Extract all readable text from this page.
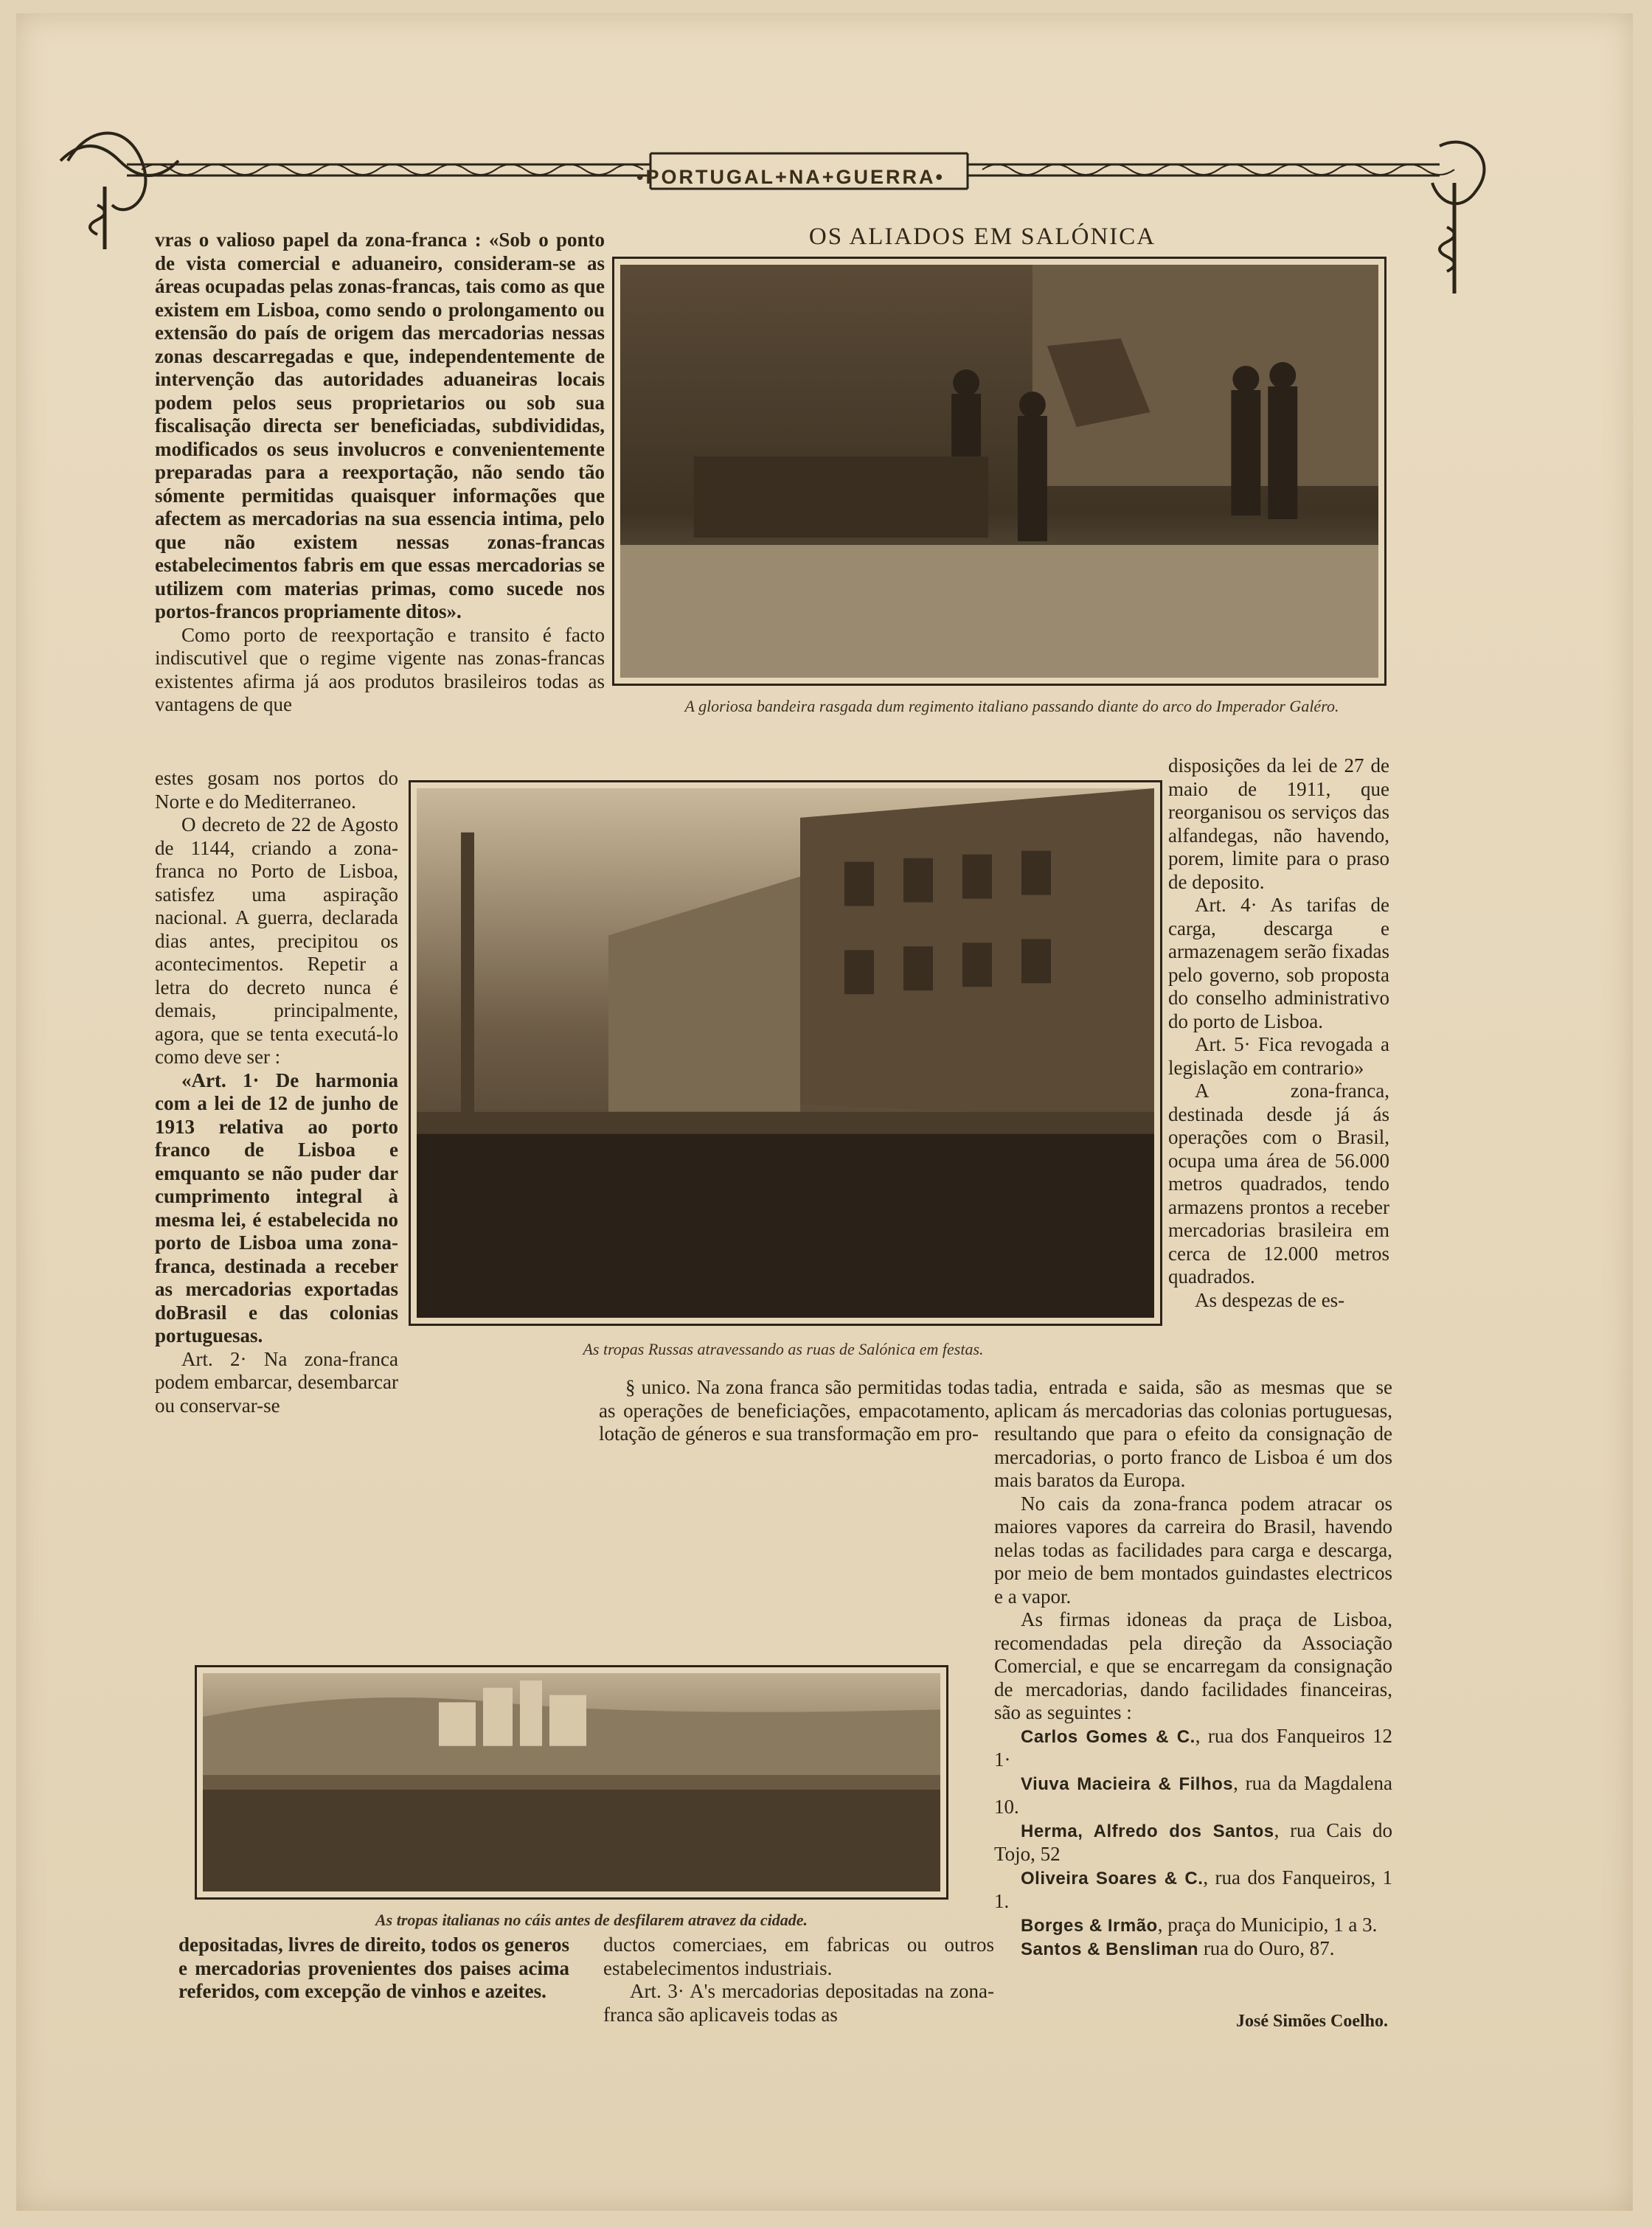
•PORTUGAL+NA+GUERRA•
OS ALIADOS EM SALÓNICA

vras o valioso papel da zona-franca : «Sob o ponto de vista comercial e aduaneiro, consideram-se as áreas ocupadas pelas zonas-francas, tais como as que existem em Lisboa, como sendo o prolongamento ou extensão do país de origem das mercadorias nessas zonas descarregadas e que, independentemente de intervenção das autoridades aduaneiras locais podem pelos seus proprietarios ou sob sua fiscalisação directa ser beneficiadas, subdivididas, modificados os seus involucros e convenientemente preparadas para a reexportação, não sendo tão sómente permitidas quaisquer informações que afectem as mercadorias na sua essencia intima, pelo que não existem nessas zonas-francas estabelecimentos fabris em que essas mercadorias se utilizem com materias primas, como sucede nos portos-francos propriamente ditos».

Como porto de reexportação e transito é facto indiscutivel que o regime vigente nas zonas-francas existentes afirma já aos produtos brasileiros todas as vantagens de que	A gloriosa bandeira rasgada dum regimento italiano passando diante do arco do Imperador Galéro.

estes gosam nos portos do Norte e do Mediterraneo.

O decreto de 22 de Agosto de 1144, criando a zona-franca no Porto de Lisboa, satisfez uma aspiração nacional. A guerra, declarada dias antes, precipitou os acontecimentos. Repetir a letra do decreto nunca é demais, principalmente, agora, que se tenta executá-lo como deve ser :

«Art. 1· De harmonia com a lei de 12 de junho de 1913 relativa ao porto franco de Lisboa e emquanto se não puder dar cumprimento integral à mesma lei, é estabelecida no porto de Lisboa uma zona-franca, destinada a receber as mercadorias exportadas doBrasil e das colonias portuguesas.

Art. 2· Na zona-franca podem embarcar, desembarcar ou conservar-se

As tropas Russas atravessando as ruas de Salónica em festas.

disposições da lei de 27 de maio de 1911, que reorganisou os serviços das alfandegas, não havendo, porem, limite para o praso de deposito.

Art. 4· As tarifas de carga, descarga e armazenagem serão fixadas pelo governo, sob proposta do conselho administrativo do porto de Lisboa.

Art. 5· Fica revogada a legislação em contrario»

A zona-franca, destinada desde já ás operações com o Brasil, ocupa uma área de 56.000 metros quadrados, tendo armazens prontos a receber mercadorias brasileira em cerca de 12.000 metros quadrados.

As despezas de es-

§ unico. Na zona franca são permitidas todas as operações de beneficiações, empacotamento, lotação de géneros e sua transformação em pro-

tadia, entrada e saida, são as mesmas que se aplicam ás mercadorias das colonias portuguesas, resultando que para o efeito da consignação de mercadorias, o porto franco de Lisboa é um dos mais baratos da Europa.

No cais da zona-franca podem atracar os maiores vapores da carreira do Brasil, havendo nelas todas as facilidades para carga e descarga, por meio de bem montados guindastes electricos e a vapor.

As firmas idoneas da praça de Lisboa, recomendadas pela direção da Associação Comercial, e que se encarregam da consignação de mercadorias, dando facilidades financeiras, são as seguintes :

Carlos Gomes & C., rua dos Fanqueiros 12 1·

Viuva Macieira & Filhos, rua da Magdalena 10.

Herma, Alfredo dos Santos, rua Cais do Tojo, 52

Oliveira Soares & C., rua dos Fanqueiros, 1 1.

Borges & Irmão, praça do Municipio, 1 a 3.

Santos & Bensliman rua do Ouro, 87.

José Simões Coelho.
As tropas italianas no cáis antes de desfilarem atravez da cidade.

depositadas, livres de direito, todos os generos e mercadorias provenientes dos paises acima referidos, com excepção de vinhos e azeites.

ductos comerciaes, em fabricas ou outros estabelecimentos industriais.

Art. 3· A's mercadorias depositadas na zona-franca são aplicaveis todas as
